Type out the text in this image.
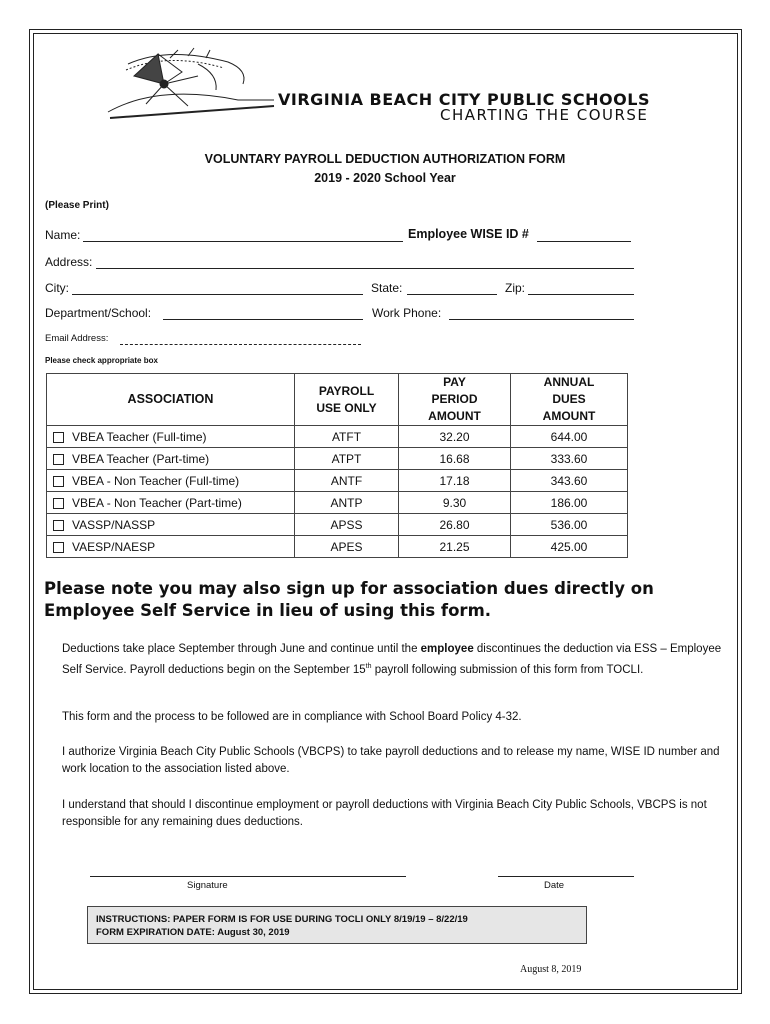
VIRGINIA BEACH CITY PUBLIC SCHOOLS
CHARTING THE COURSE
VOLUNTARY PAYROLL DEDUCTION AUTHORIZATION FORM
2019 - 2020 School Year
(Please Print)
Name:	Employee WISE ID #
Address:
City:	State:	Zip:
Department/School:	Work Phone:
Email Address:
Please check appropriate box
ASSOCIATION	PAYROLL USE ONLY	PAY PERIOD AMOUNT	ANNUAL DUES AMOUNT
VBEA Teacher (Full-time)	ATFT	32.20	644.00
VBEA Teacher (Part-time)	ATPT	16.68	333.60
VBEA - Non Teacher (Full-time)	ANTF	17.18	343.60
VBEA - Non Teacher (Part-time)	ANTP	9.30	186.00
VASSP/NASSP	APSS	26.80	536.00
VAESP/NAESP	APES	21.25	425.00
Please note you may also sign up for association dues directly on Employee Self Service in lieu of using this form.
Deductions take place September through June and continue until the employee discontinues the deduction via ESS – Employee Self Service. Payroll deductions begin on the September 15th payroll following submission of this form from TOCLI.
This form and the process to be followed are in compliance with School Board Policy 4-32.
I authorize Virginia Beach City Public Schools (VBCPS) to take payroll deductions and to release my name, WISE ID number and work location to the association listed above.
I understand that should I discontinue employment or payroll deductions with Virginia Beach City Public Schools, VBCPS is not responsible for any remaining dues deductions.
Signature	Date
INSTRUCTIONS: PAPER FORM IS FOR USE DURING TOCLI ONLY 8/19/19 – 8/22/19
FORM EXPIRATION DATE: August 30, 2019
August 8, 2019
